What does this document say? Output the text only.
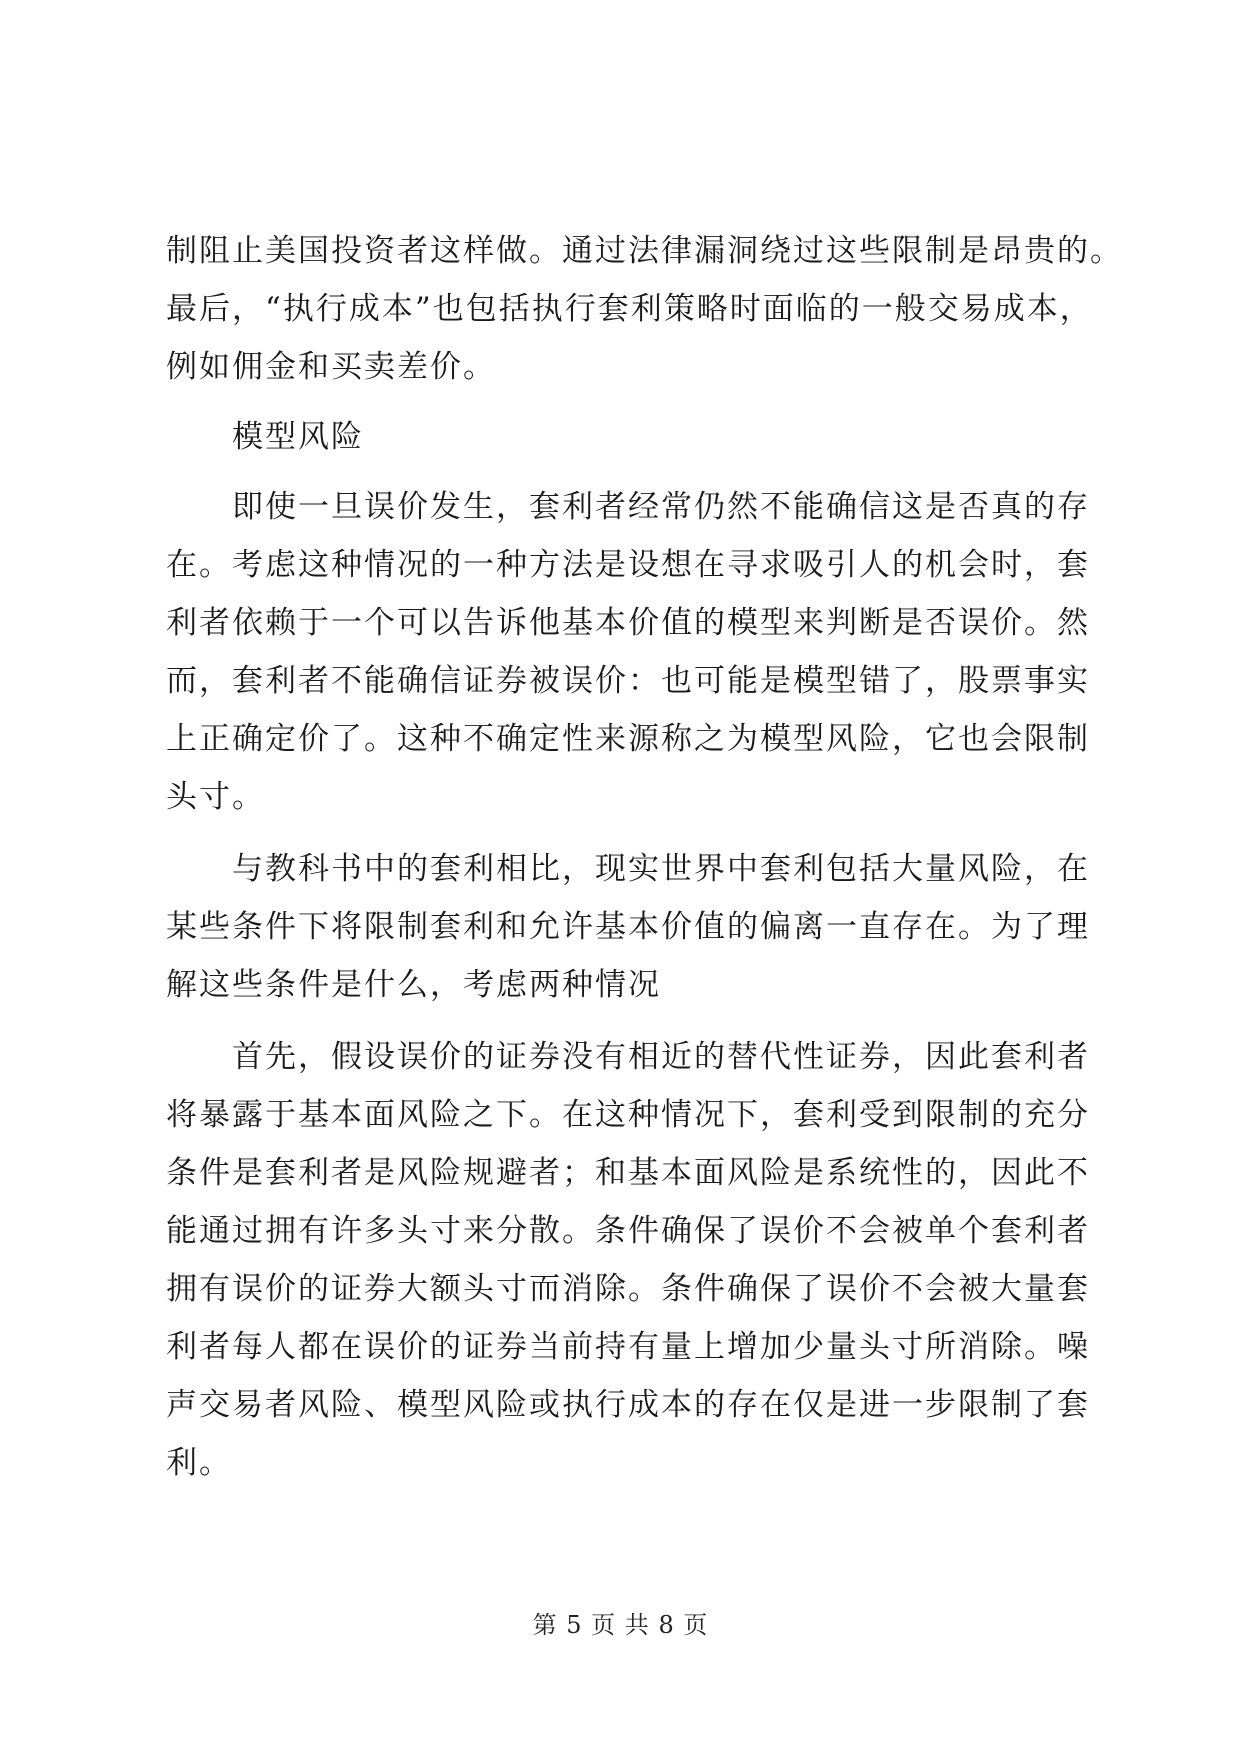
制阻止美国投资者这样做。通过法律漏洞绕过这些限制是昂贵的。
最后，“执行成本”也包括执行套利策略时面临的一般交易成本，
例如佣金和买卖差价。
模型风险
即使一旦误价发生，套利者经常仍然不能确信这是否真的存
在。考虑这种情况的一种方法是设想在寻求吸引人的机会时，套
利者依赖于一个可以告诉他基本价值的模型来判断是否误价。然
而，套利者不能确信证券被误价：也可能是模型错了，股票事实
上正确定价了。这种不确定性来源称之为模型风险，它也会限制
头寸。
与教科书中的套利相比，现实世界中套利包括大量风险，在
某些条件下将限制套利和允许基本价值的偏离一直存在。为了理
解这些条件是什么，考虑两种情况
首先，假设误价的证券没有相近的替代性证券，因此套利者
将暴露于基本面风险之下。在这种情况下，套利受到限制的充分
条件是套利者是风险规避者；和基本面风险是系统性的，因此不
能通过拥有许多头寸来分散。条件确保了误价不会被单个套利者
拥有误价的证券大额头寸而消除。条件确保了误价不会被大量套
利者每人都在误价的证券当前持有量上增加少量头寸所消除。噪
声交易者风险、模型风险或执行成本的存在仅是进一步限制了套
利。
第 5 页 共 8 页
